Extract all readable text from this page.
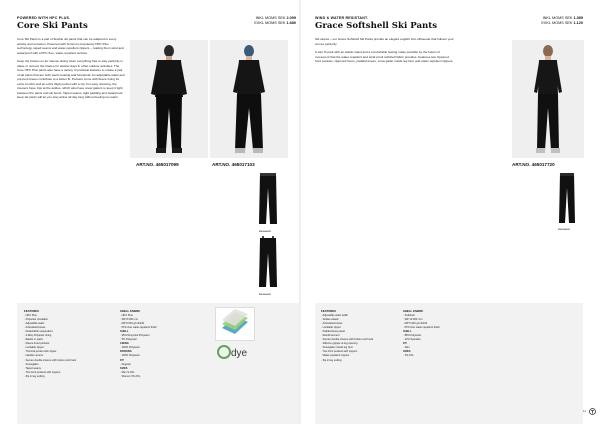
POWERED WITH HPC PLUS.
Core Ski Pants
INKL MOMS SEK 2.099
EXKL MOMS SEK 1.680

Core Ski Pants is a pair of flexible ski pants that can be adapted to every activity and occasion. Powered with Tenson's proprietary HPC Plus technology, taped seams and water-repellent zippers – making them wind and waterproof with a PFC-free, water-repellent surface.

Keep the braces on for intense skiing when everything has to stay perfectly in place or remove the braces for slacker days in other outdoor activities. The Core HPC Plus pants also have a variety of practical features to create a pair of ski pants that are both warm-looking and functional. An adjustable waist and pre-bent knees contribute to a better fit. Pockets come with fleece lining for extra comfort and an extra thigh pocket with a zip. For easy dressing, the trousers have zips at the ankles, which also have snow gaiters to keep it tight between the pants and ski boots. Taped seams, tight padding and waterproof keep ski pants will let you stay active all day long without feeling too warm.

ART.NO. 465017099	ART.NO. 465017103
999 BLACK
999 BLACK
FEATURES
· HPC Plus
· Polyester insulation
· Adjustable waist
· Articulated knees
· Detachable suspenders
· 2-Way Polyester lining
· Elastic in waist
· Fleece lined pockets
· Lockable zipper
· Thermal pocket with zipper
· Handle cement
· Secure double closure with button and hook
· Snowgaiter
· Taped seams
· Two front pockets with zippers
· Zip in leg ending
SHELL FABRIC
· HPC Plus
· WP 8 000 mm
· MP 8 000 g/m2/24h
· PFC-free water-repellent finish
SHELL
· 95% Recycled Polyester
· 5% Polyester
LINING
· 100% Polyester
PADDING
· 100% Polyester
FIT
· Regular
SIZES
· Men S-3XL
· Women XS-XXL
dye
WIND & WATER RESISTANT.
Grace Softshell Ski Pants
INKL MOMS SEK 1.399
EXKL MOMS SEK 1.120

Ski slopes – our Grace Softshell Ski Pants provide an elegant english slim silhouette that follows your curves perfectly.

A slim fit pant with an elastic waist and a comfortable feeling made possible by the fusion of movement that the water-repellent and wind-proof softshell fabric provides. Features two zippered front pockets, zippered hems, padded knees, snow gaiter inside leg hem and water-repellent zippers.

ART.NO. 465017720
999 BLACK
FEATURES
· Adjustable waist width
· Soldes elastic
· Articulated knees
· Lockable zipper
· Padded knee panel
· Reinforcement
· Secure double closure with button and hook
· Silicone gripper at leg opening
· Snowgaiter inside leg hem
· Two front pockets with zippers
· Water-repellent zippers
· Zip in leg ending
SHELL FABRIC
· Softshell
· WP 10 000 mm
· MP 5 000 g/m2/24h
· PFC-free water-repellent finish
SHELL
· 88% Polyester
· 12% Spandex
FIT
· Slim
SIZES
· XS-XXL
11
